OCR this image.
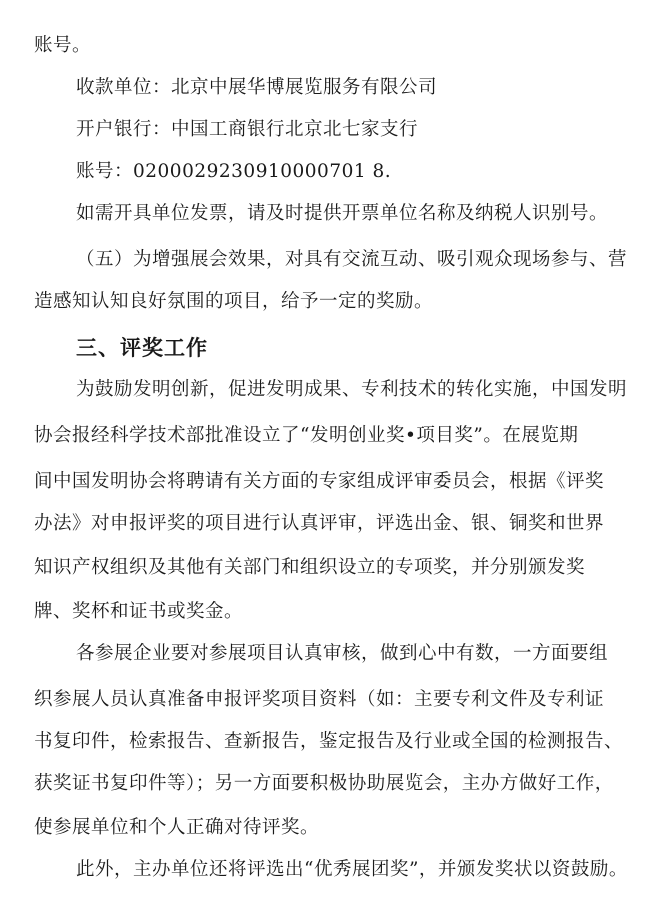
账号。
收款单位：北京中展华博展览服务有限公司
开户银行：中国工商银行北京北七家支行
账号：0200029230910000701 8.
如需开具单位发票，请及时提供开票单位名称及纳税人识别号。
（五）为增强展会效果，对具有交流互动、吸引观众现场参与、营
造感知认知良好氛围的项目，给予一定的奖励。
三、评奖工作
为鼓励发明创新，促进发明成果、专利技术的转化实施，中国发明
协会报经科学技术部批准设立了“发明创业奖•项目奖”。在展览期
间中国发明协会将聘请有关方面的专家组成评审委员会，根据《评奖
办法》对申报评奖的项目进行认真评审，评选出金、银、铜奖和世界
知识产权组织及其他有关部门和组织设立的专项奖，并分别颁发奖
牌、奖杯和证书或奖金。
各参展企业要对参展项目认真审核，做到心中有数，一方面要组
织参展人员认真准备申报评奖项目资料（如：主要专利文件及专利证
书复印件，检索报告、查新报告，鉴定报告及行业或全国的检测报告、
获奖证书复印件等）；另一方面要积极协助展览会，主办方做好工作，
使参展单位和个人正确对待评奖。
此外，主办单位还将评选出“优秀展团奖”，并颁发奖状以资鼓励。
